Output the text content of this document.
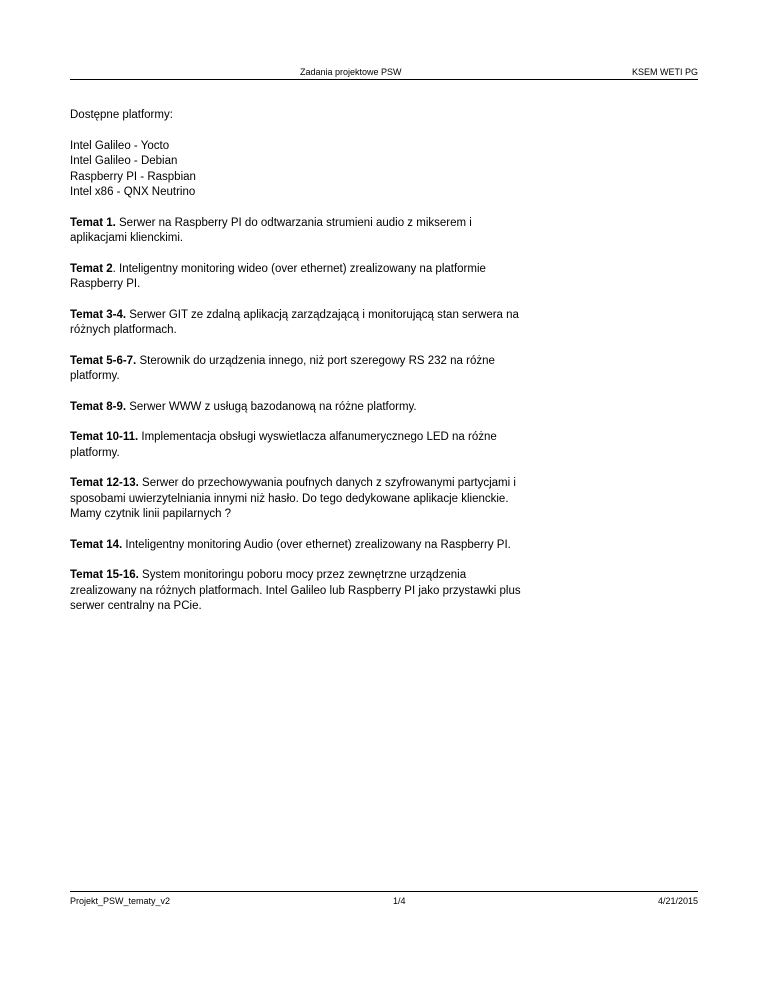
Zadania projektowe PSW	KSEM WETI PG

Dostępne platformy:

Intel Galileo - Yocto
Intel Galileo - Debian
Raspberry PI - Raspbian
Intel x86 - QNX Neutrino

Temat 1. Serwer na Raspberry PI do odtwarzania strumieni audio z mikserem i aplikacjami klienckimi.

Temat 2. Inteligentny monitoring wideo (over ethernet) zrealizowany na platformie Raspberry PI.

Temat 3-4. Serwer GIT ze zdalną aplikacją zarządzającą i monitorującą stan serwera na różnych platformach.

Temat 5-6-7. Sterownik do urządzenia innego, niż port szeregowy RS 232 na różne platformy.

Temat 8-9. Serwer WWW z usługą bazodanową na różne platformy.

Temat 10-11. Implementacja obsługi wyswietlacza alfanumerycznego LED na różne platformy.

Temat 12-13. Serwer do przechowywania poufnych danych z szyfrowanymi partycjami i sposobami uwierzytelniania innymi niż hasło. Do tego dedykowane aplikacje klienckie. Mamy czytnik linii papilarnych ?

Temat 14. Inteligentny monitoring Audio (over ethernet) zrealizowany na Raspberry PI.

Temat 15-16. System monitoringu poboru mocy przez zewnętrzne urządzenia zrealizowany na różnych platformach. Intel Galileo lub Raspberry PI jako przystawki plus serwer centralny na PCie.

Projekt_PSW_tematy_v2	1/4	4/21/2015
